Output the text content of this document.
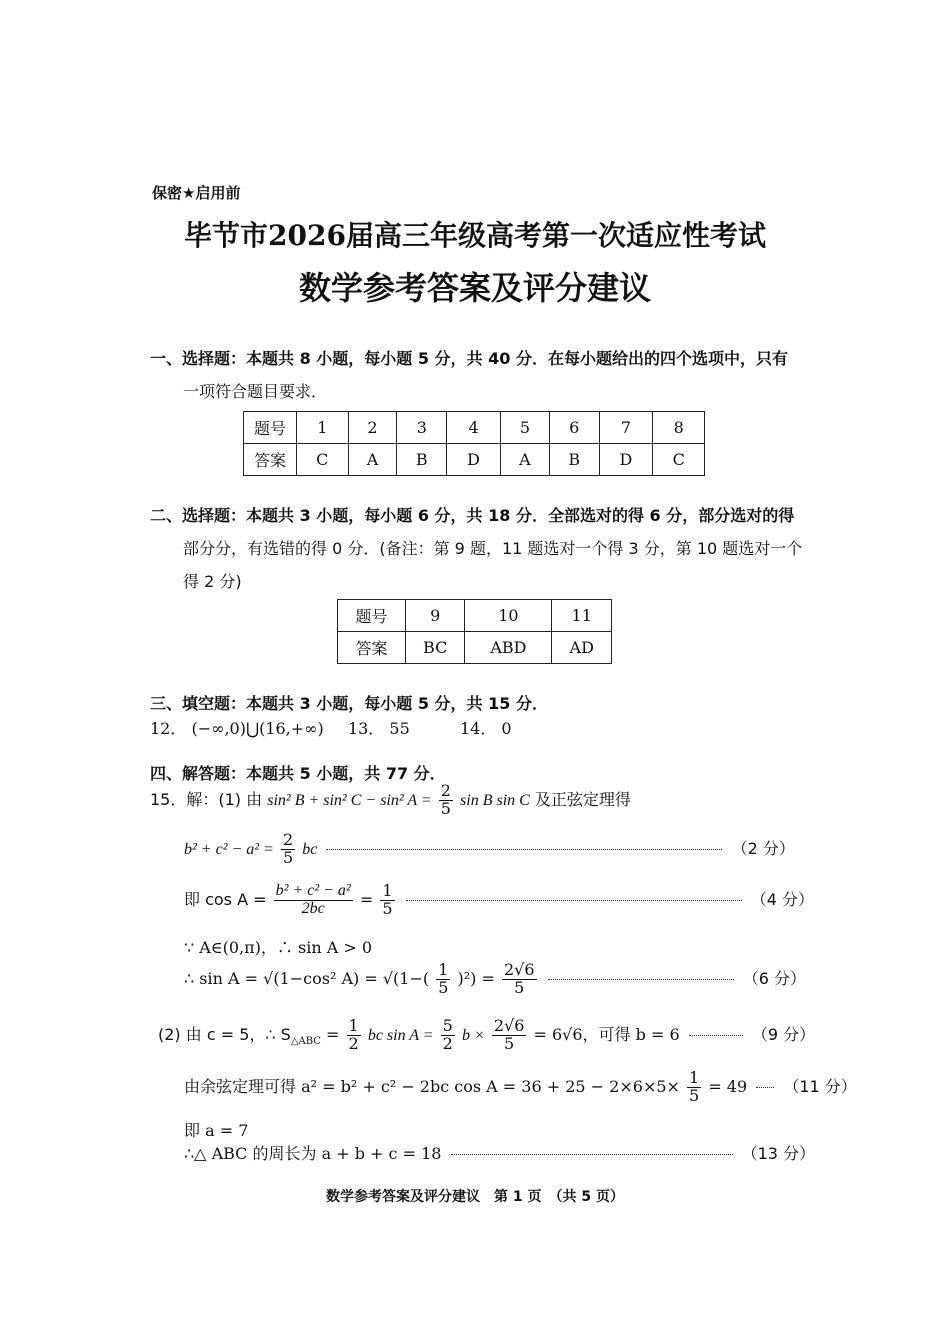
保密★启用前
毕节市2026届高三年级高考第一次适应性考试
数学参考答案及评分建议
一、选择题：本题共 8 小题，每小题 5 分，共 40 分．在每小题给出的四个选项中，只有
一项符合题目要求．
题号	1	2	3	4	5	6	7	8
答案	C	A	B	D	A	B	D	C
二、选择题：本题共 3 小题，每小题 6 分，共 18 分．全部选对的得 6 分，部分选对的得
部分分，有选错的得 0 分．(备注：第 9 题，11 题选对一个得 3 分，第 10 题选对一个
得 2 分)
题号	9	10	11
答案	BC	ABD	AD
三、填空题：本题共 3 小题，每小题 5 分，共 15 分．
12． (−∞,0)⋃(16,+∞) 13． 55	14． 0
四、解答题：本题共 5 小题，共 77 分．
15．解：(1) 由 sin² B + sin² C − sin² $A = \frac{2}{5}$ sin B sin C 及正弦定理得
$b^2 + c^2 - a^2 = \frac{2}{5}$ bc	（2 分）
即 $\cos A = \frac{\text{b² + c² − a²}}{2bc} = \frac{1}{5}$	（4 分）
∵ A∈(0,π)，∴ sin A > 0
∴ sin A = √(1−cos² $A) = √(1-( \frac{1}{5} )^2) = \frac{2√6}{5}$	（6 分）
(2) 由 c = 5，∴ $S_{\triangle ABC} = \frac{1}{2}$ bc $\sin A = \frac{5}{2}$ $b \times \frac{2√6}{5} = 6√6$，可得 b = 6	（9 分）
由余弦定理可得 a² = b² + c² − 2bc $\cos A = 36 + 25 - 2\times 6\times 5\times \frac{1}{5} = 49$ （11 分）
即 a = 7
∴△ ABC 的周长为 a + b + c = 18	（13 分）
数学参考答案及评分建议　第 1 页　（共 5 页）
